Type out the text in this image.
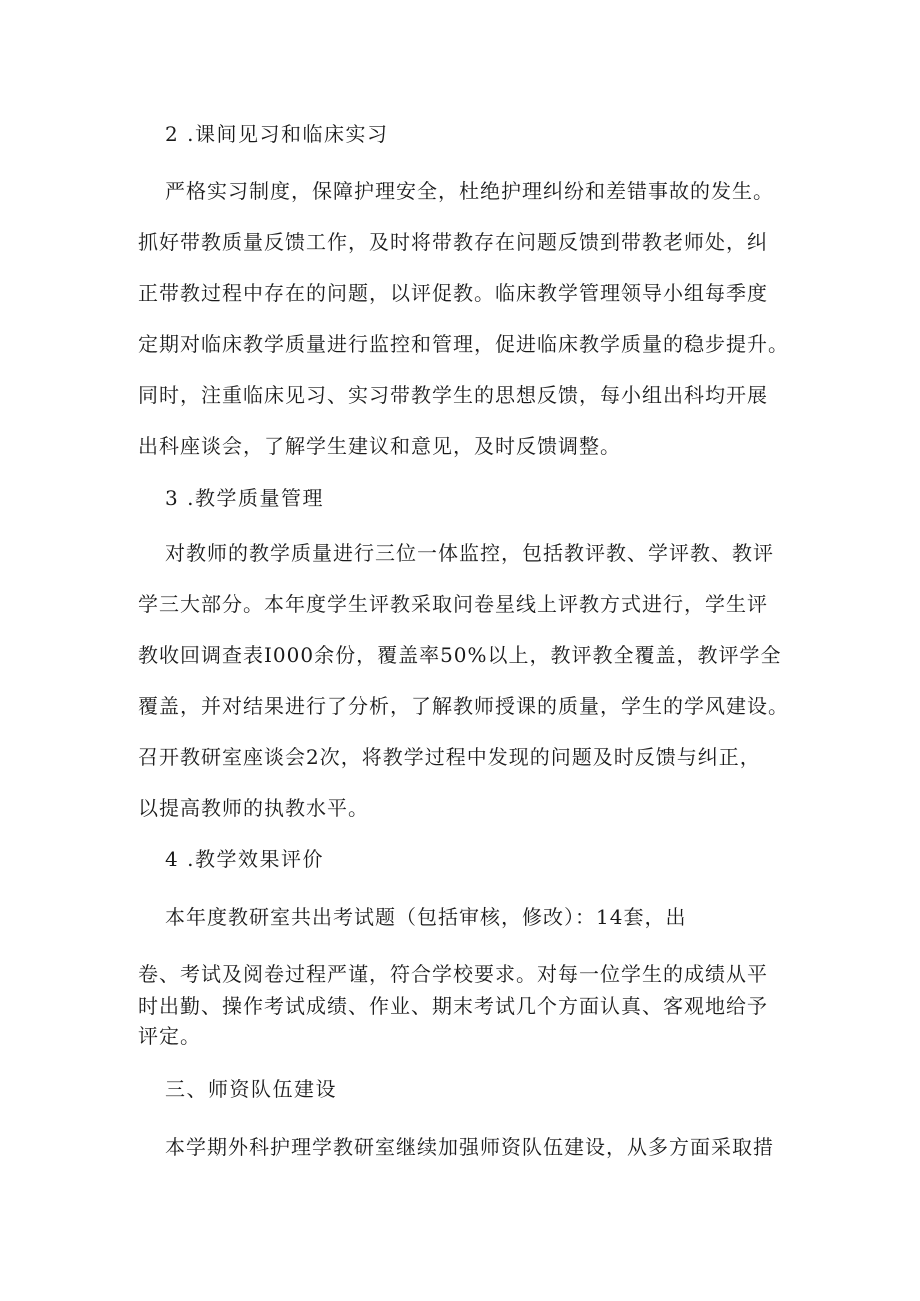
2 .课间见习和临床实习
严格实习制度，保障护理安全，杜绝护理纠纷和差错事故的发生。
抓好带教质量反馈工作，及时将带教存在问题反馈到带教老师处，纠
正带教过程中存在的问题，以评促教。临床教学管理领导小组每季度
定期对临床教学质量进行监控和管理，促进临床教学质量的稳步提升。
同时，注重临床见习、实习带教学生的思想反馈，每小组出科均开展
出科座谈会，了解学生建议和意见，及时反馈调整。
3 .教学质量管理
对教师的教学质量进行三位一体监控，包括教评教、学评教、教评
学三大部分。本年度学生评教采取问卷星线上评教方式进行，学生评
教收回调查表I000余份，覆盖率50%以上，教评教全覆盖，教评学全
覆盖，并对结果进行了分析，了解教师授课的质量，学生的学风建设。
召开教研室座谈会2次，将教学过程中发现的问题及时反馈与纠正，
以提高教师的执教水平。
4 .教学效果评价
本年度教研室共出考试题（包括审核，修改）：14套，出
卷、考试及阅卷过程严谨，符合学校要求。对每一位学生的成绩从平
时出勤、操作考试成绩、作业、期末考试几个方面认真、客观地给予
评定。
三、师资队伍建设
本学期外科护理学教研室继续加强师资队伍建设，从多方面采取措
